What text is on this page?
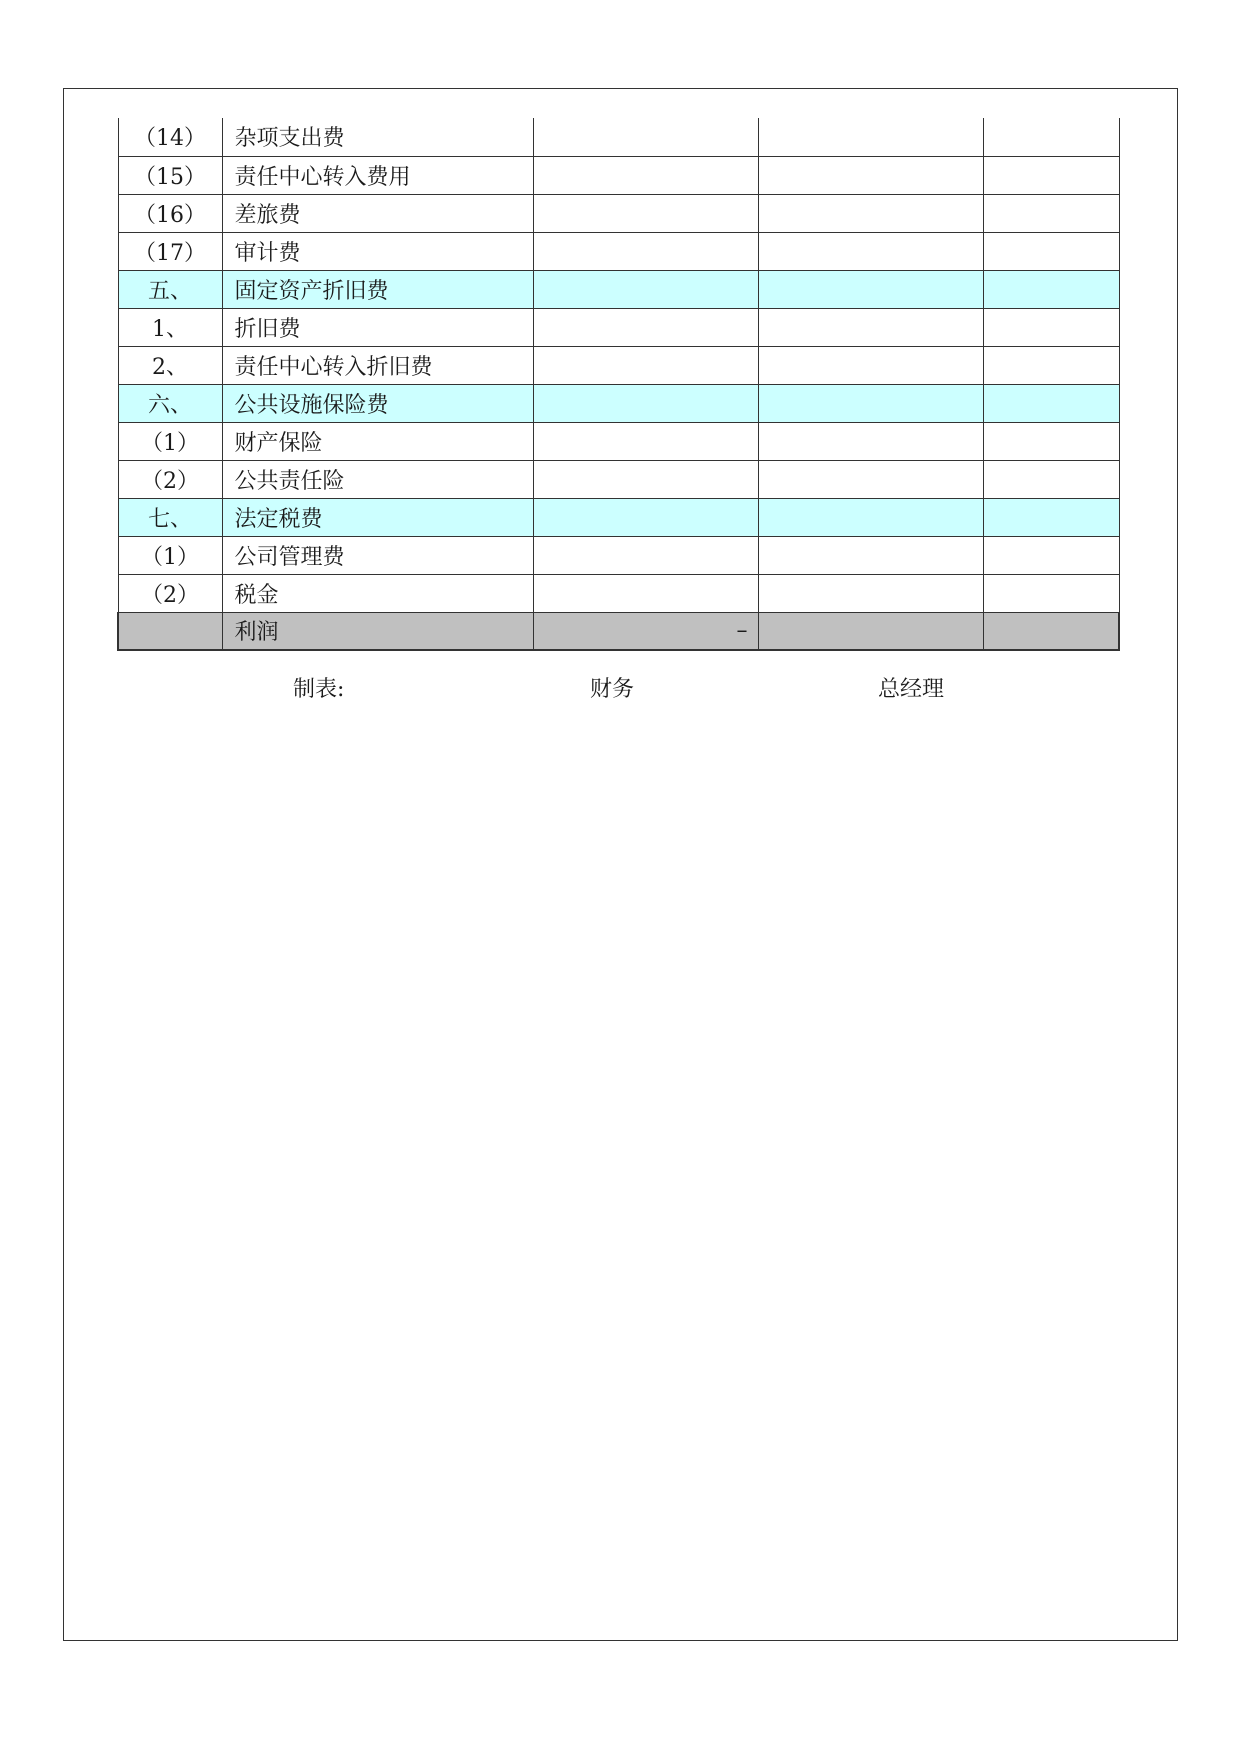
（14）	杂项支出费			
（15）	责任中心转入费用			
（16）	差旅费			
（17）	审计费			
五、	固定资产折旧费			
1、	折旧费			
2、	责任中心转入折旧费			
六、	公共设施保险费			
（1）	财产保险			
（2）	公共责任险			
七、	法定税费			
（1）	公司管理费			
（2）	税金			
	利润	–		
制表:	财务	总经理
